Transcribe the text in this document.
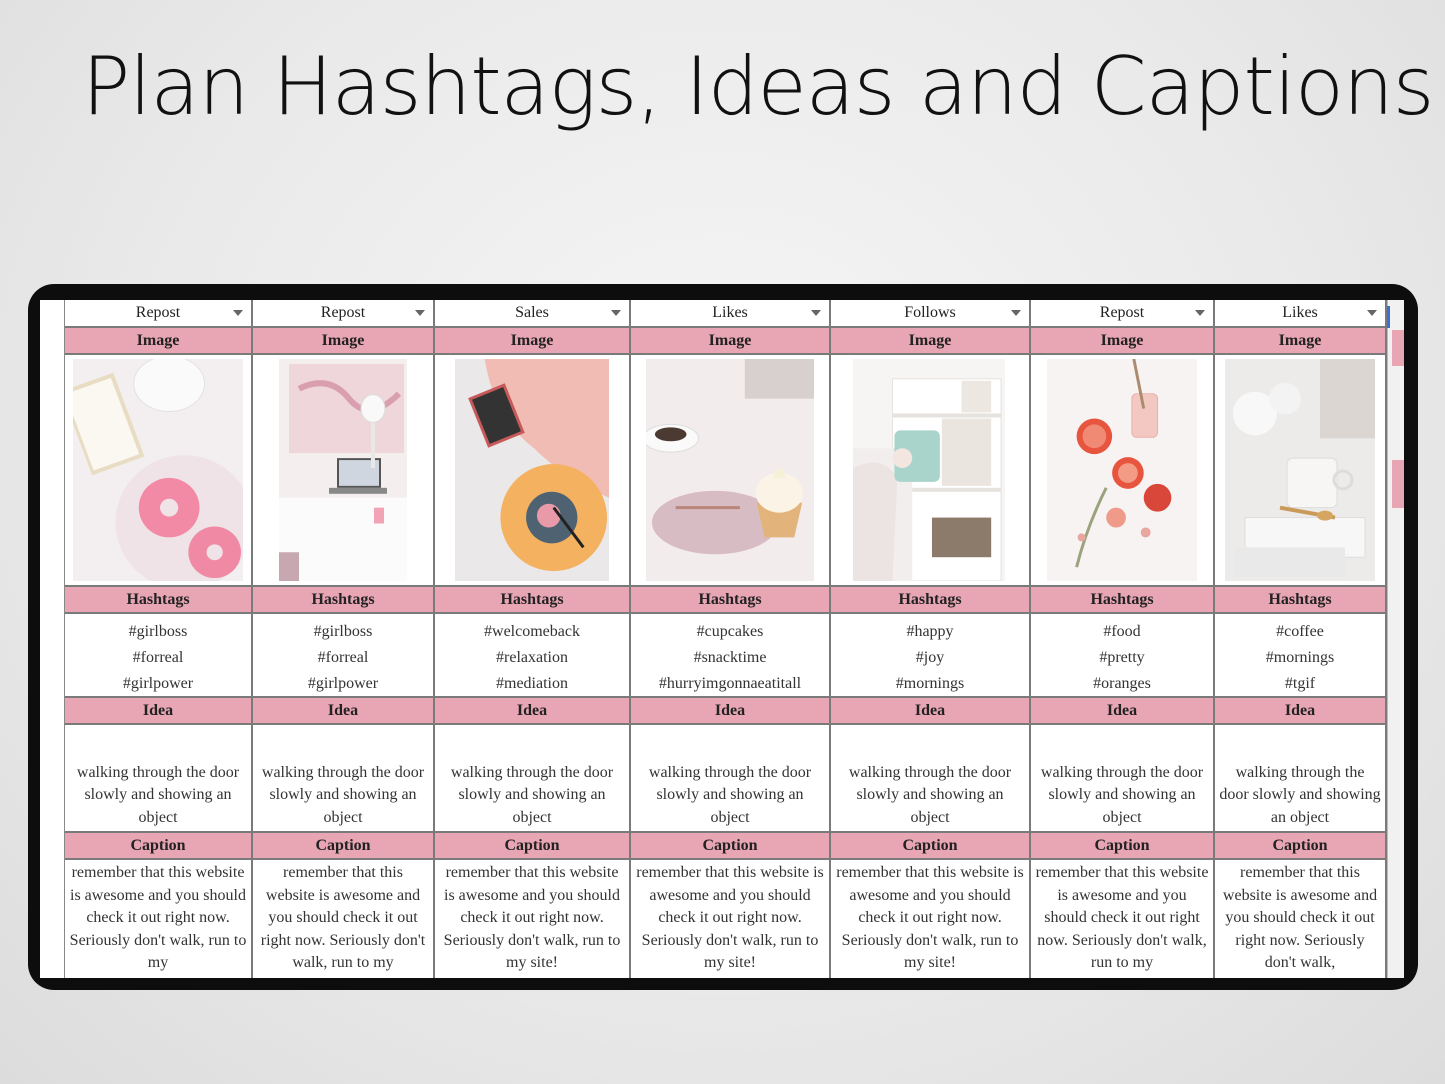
Plan Hashtags, Ideas and Captions
Repost
Image
Hashtags
#girlboss
#forreal
#girlpower
Idea
walking through the door slowly and showing an object
Caption
remember that this website is awesome and you should check it out right now. Seriously don't walk, run to my
Repost
Image
Hashtags
#girlboss
#forreal
#girlpower
Idea
walking through the door slowly and showing an object
Caption
remember that this website is awesome and you should check it out right now. Seriously don't walk, run to my
Sales
Image
Hashtags
#welcomeback
#relaxation
#mediation
Idea
walking through the door slowly and showing an object
Caption
remember that this website is awesome and you should check it out right now. Seriously don't walk, run to my site!
Likes
Image
Hashtags
#cupcakes
#snacktime
#hurryimgonnaeatitall
Idea
walking through the door slowly and showing an object
Caption
remember that this website is awesome and you should check it out right now. Seriously don't walk, run to my site!
Follows
Image
Hashtags
#happy
#joy
#mornings
Idea
walking through the door slowly and showing an object
Caption
remember that this website is awesome and you should check it out right now. Seriously don't walk, run to my site!
Repost
Image
Hashtags
#food
#pretty
#oranges
Idea
walking through the door slowly and showing an object
Caption
remember that this website is awesome and you should check it out right now. Seriously don't walk, run to my
Likes
Image
Hashtags
#coffee
#mornings
#tgif
Idea
walking through the door slowly and showing an object
Caption
remember that this website is awesome and you should check it out right now. Seriously don't walk,
